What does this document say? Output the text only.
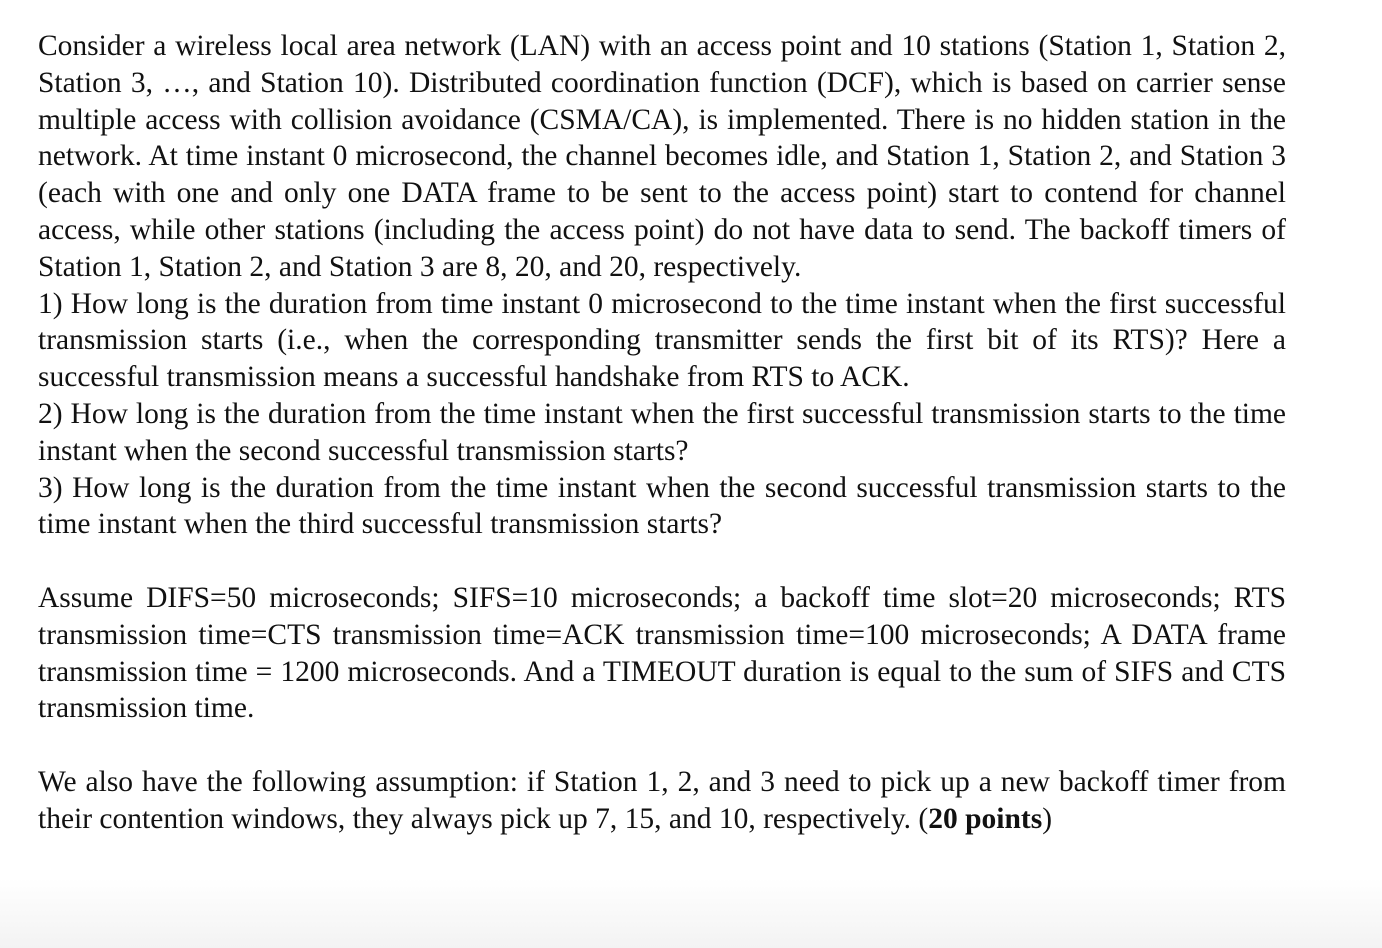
Consider a wireless local area network (LAN) with an access point and 10 stations (Station 1, Station 2, Station 3, …, and Station 10). Distributed coordination function (DCF), which is based on carrier sense multiple access with collision avoidance (CSMA/CA), is implemented. There is no hidden station in the network. At time instant 0 microsecond, the channel becomes idle, and Station 1, Station 2, and Station 3 (each with one and only one DATA frame to be sent to the access point) start to contend for channel access, while other stations (including the access point) do not have data to send. The backoff timers of Station 1, Station 2, and Station 3 are 8, 20, and 20, respectively.

1) How long is the duration from time instant 0 microsecond to the time instant when the first successful transmission starts (i.e., when the corresponding transmitter sends the first bit of its RTS)? Here a successful transmission means a successful handshake from RTS to ACK.

2) How long is the duration from the time instant when the first successful transmission starts to the time instant when the second successful transmission starts?

3) How long is the duration from the time instant when the second successful transmission starts to the time instant when the third successful transmission starts?

Assume DIFS=50 microseconds; SIFS=10 microseconds; a backoff time slot=20 microseconds; RTS transmission time=CTS transmission time=ACK transmission time=100 microseconds; A DATA frame transmission time = 1200 microseconds. And a TIMEOUT duration is equal to the sum of SIFS and CTS transmission time.

We also have the following assumption: if Station 1, 2, and 3 need to pick up a new backoff timer from their contention windows, they always pick up 7, 15, and 10, respectively. (20 points)
